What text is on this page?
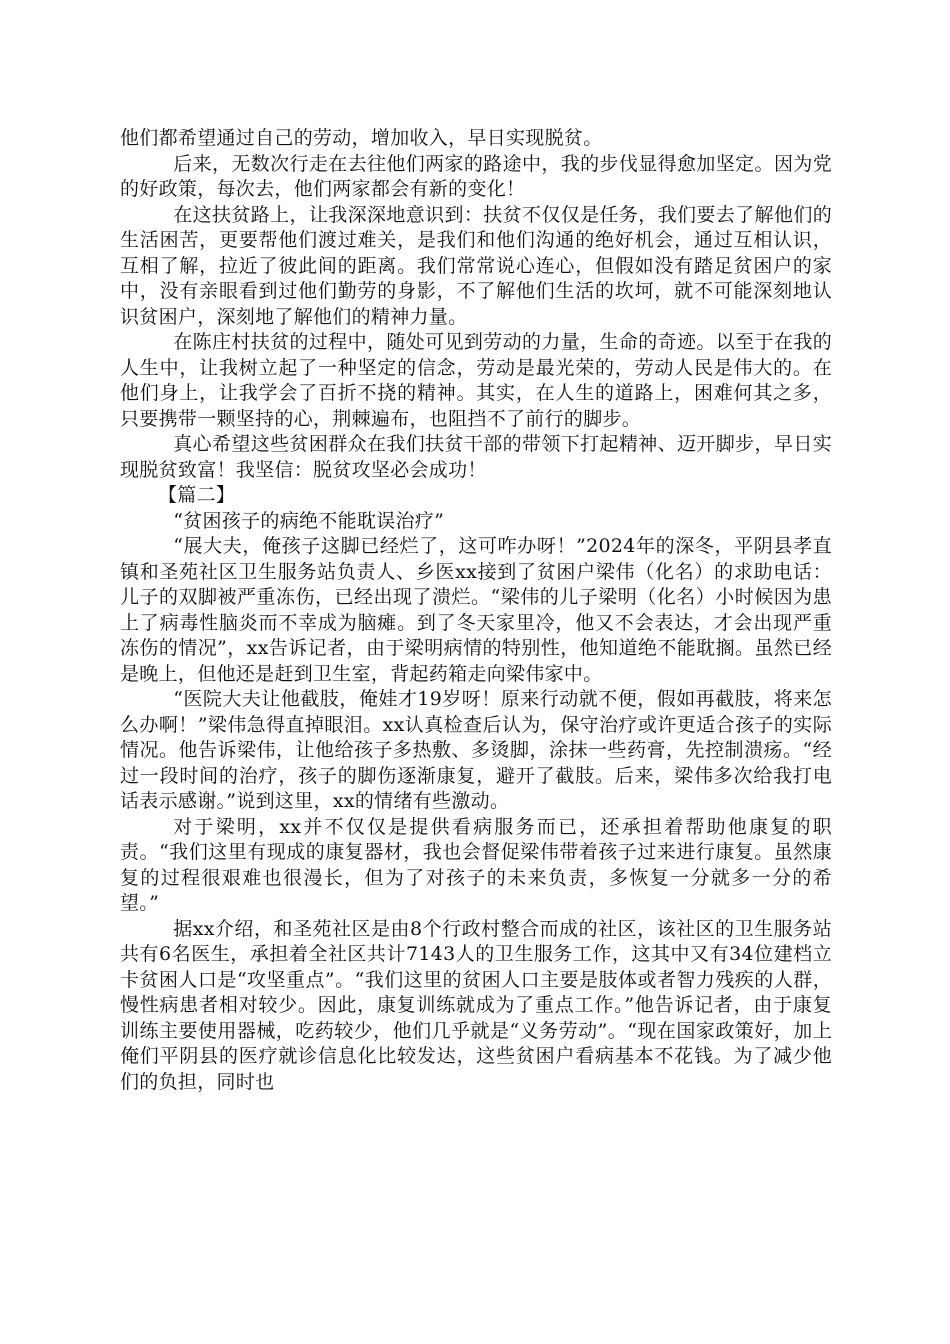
他们都希望通过自己的劳动，增加收入，早日实现脱贫。

后来，无数次行走在去往他们两家的路途中，我的步伐显得愈加坚定。因为党的好政策，每次去，他们两家都会有新的变化！

在这扶贫路上，让我深深地意识到：扶贫不仅仅是任务，我们要去了解他们的生活困苦，更要帮他们渡过难关，是我们和他们沟通的绝好机会，通过互相认识，互相了解，拉近了彼此间的距离。我们常常说心连心，但假如没有踏足贫困户的家中，没有亲眼看到过他们勤劳的身影，不了解他们生活的坎坷，就不可能深刻地认识贫困户，深刻地了解他们的精神力量。

在陈庄村扶贫的过程中，随处可见到劳动的力量，生命的奇迹。以至于在我的人生中，让我树立起了一种坚定的信念，劳动是最光荣的，劳动人民是伟大的。在他们身上，让我学会了百折不挠的精神。其实，在人生的道路上，困难何其之多，只要携带一颗坚持的心，荆棘遍布，也阻挡不了前行的脚步。

真心希望这些贫困群众在我们扶贫干部的带领下打起精神、迈开脚步，早日实现脱贫致富！我坚信：脱贫攻坚必会成功！

【篇二】

“贫困孩子的病绝不能耽误治疗”

“展大夫，俺孩子这脚已经烂了，这可咋办呀！”2024年的深冬，平阴县孝直镇和圣苑社区卫生服务站负责人、乡医xx接到了贫困户梁伟（化名）的求助电话：儿子的双脚被严重冻伤，已经出现了溃烂。“梁伟的儿子梁明（化名）小时候因为患上了病毒性脑炎而不幸成为脑瘫。到了冬天家里冷，他又不会表达，才会出现严重冻伤的情况”，xx告诉记者，由于梁明病情的特别性，他知道绝不能耽搁。虽然已经是晚上，但他还是赶到卫生室，背起药箱走向梁伟家中。

“医院大夫让他截肢，俺娃才19岁呀！原来行动就不便，假如再截肢，将来怎么办啊！”梁伟急得直掉眼泪。xx认真检查后认为，保守治疗或许更适合孩子的实际情况。他告诉梁伟，让他给孩子多热敷、多烫脚，涂抹一些药膏，先控制溃疡。“经过一段时间的治疗，孩子的脚伤逐渐康复，避开了截肢。后来，梁伟多次给我打电话表示感谢。”说到这里，xx的情绪有些激动。

对于梁明，xx并不仅仅是提供看病服务而已，还承担着帮助他康复的职责。“我们这里有现成的康复器材，我也会督促梁伟带着孩子过来进行康复。虽然康复的过程很艰难也很漫长，但为了对孩子的未来负责，多恢复一分就多一分的希望。”

据xx介绍，和圣苑社区是由8个行政村整合而成的社区，该社区的卫生服务站共有6名医生，承担着全社区共计7143人的卫生服务工作，这其中又有34位建档立卡贫困人口是“攻坚重点”。“我们这里的贫困人口主要是肢体或者智力残疾的人群，慢性病患者相对较少。因此，康复训练就成为了重点工作。”他告诉记者，由于康复训练主要使用器械，吃药较少，他们几乎就是“义务劳动”。“现在国家政策好，加上俺们平阴县的医疗就诊信息化比较发达，这些贫困户看病基本不花钱。为了减少他们的负担，同时也
